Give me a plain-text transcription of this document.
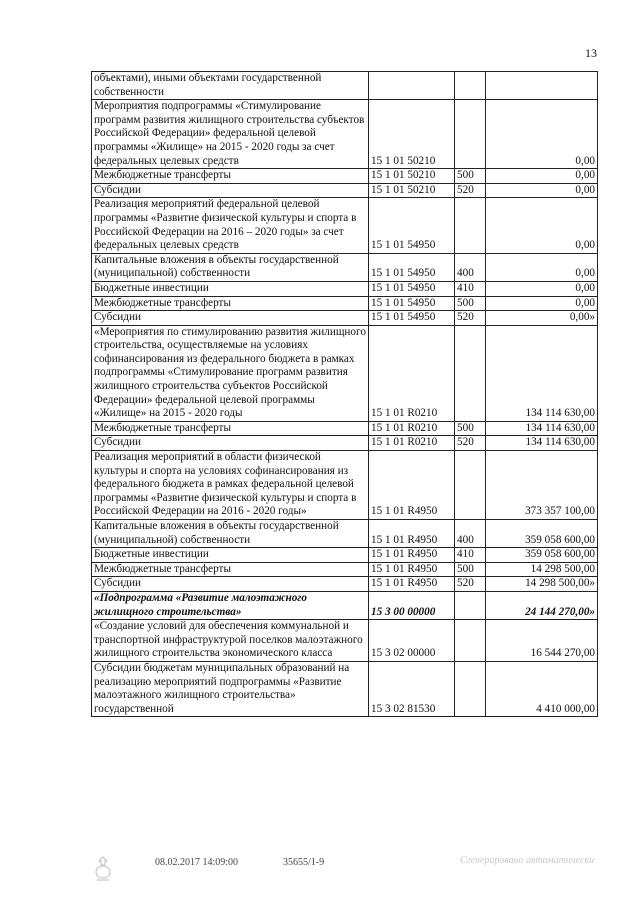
13
объектами), иными объектами государственной собственности			
Мероприятия подпрограммы «Стимулирование программ развития жилищного строительства субъектов Российской Федерации» федеральной целевой программы «Жилище» на 2015 - 2020 годы за счет федеральных целевых средств	15 1 01 50210		0,00
Межбюджетные трансферты	15 1 01 50210	500	0,00
Субсидии	15 1 01 50210	520	0,00
Реализация мероприятий федеральной целевой программы «Развитие физической культуры и спорта в Российской Федерации на 2016 – 2020 годы» за счет федеральных целевых средств	15 1 01 54950		0,00
Капитальные вложения в объекты государственной (муниципальной) собственности	15 1 01 54950	400	0,00
Бюджетные инвестиции	15 1 01 54950	410	0,00
Межбюджетные трансферты	15 1 01 54950	500	0,00
Субсидии	15 1 01 54950	520	0,00»
«Мероприятия по стимулированию развития жилищного строительства, осуществляемые на условиях софинансирования из федерального бюджета в рамках подпрограммы «Стимулирование программ развития жилищного строительства субъектов Российской Федерации» федеральной целевой программы «Жилище» на 2015 - 2020 годы	15 1 01 R0210		134 114 630,00
Межбюджетные трансферты	15 1 01 R0210	500	134 114 630,00
Субсидии	15 1 01 R0210	520	134 114 630,00
Реализация мероприятий в области физической культуры и спорта на условиях софинансирования из федерального бюджета в рамках федеральной целевой программы «Развитие физической культуры и спорта в Российской Федерации на 2016 - 2020 годы»	15 1 01 R4950		373 357 100,00
Капитальные вложения в объекты государственной (муниципальной) собственности	15 1 01 R4950	400	359 058 600,00
Бюджетные инвестиции	15 1 01 R4950	410	359 058 600,00
Межбюджетные трансферты	15 1 01 R4950	500	14 298 500,00
Субсидии	15 1 01 R4950	520	14 298 500,00»
«Подпрограмма «Развитие малоэтажного жилищного строительства»	15 3 00 00000		24 144 270,00»
«Создание условий для обеспечения коммунальной и транспортной инфраструктурой поселков малоэтажного жилищного строительства экономического класса	15 3 02 00000		16 544 270,00
Субсидии бюджетам муниципальных образований на реализацию мероприятий подпрограммы «Развитие малоэтажного жилищного строительства» государственной	15 3 02 81530		4 410 000,00
08.02.2017 14:09:00	35655/1-9	Сгенерировано автоматически
